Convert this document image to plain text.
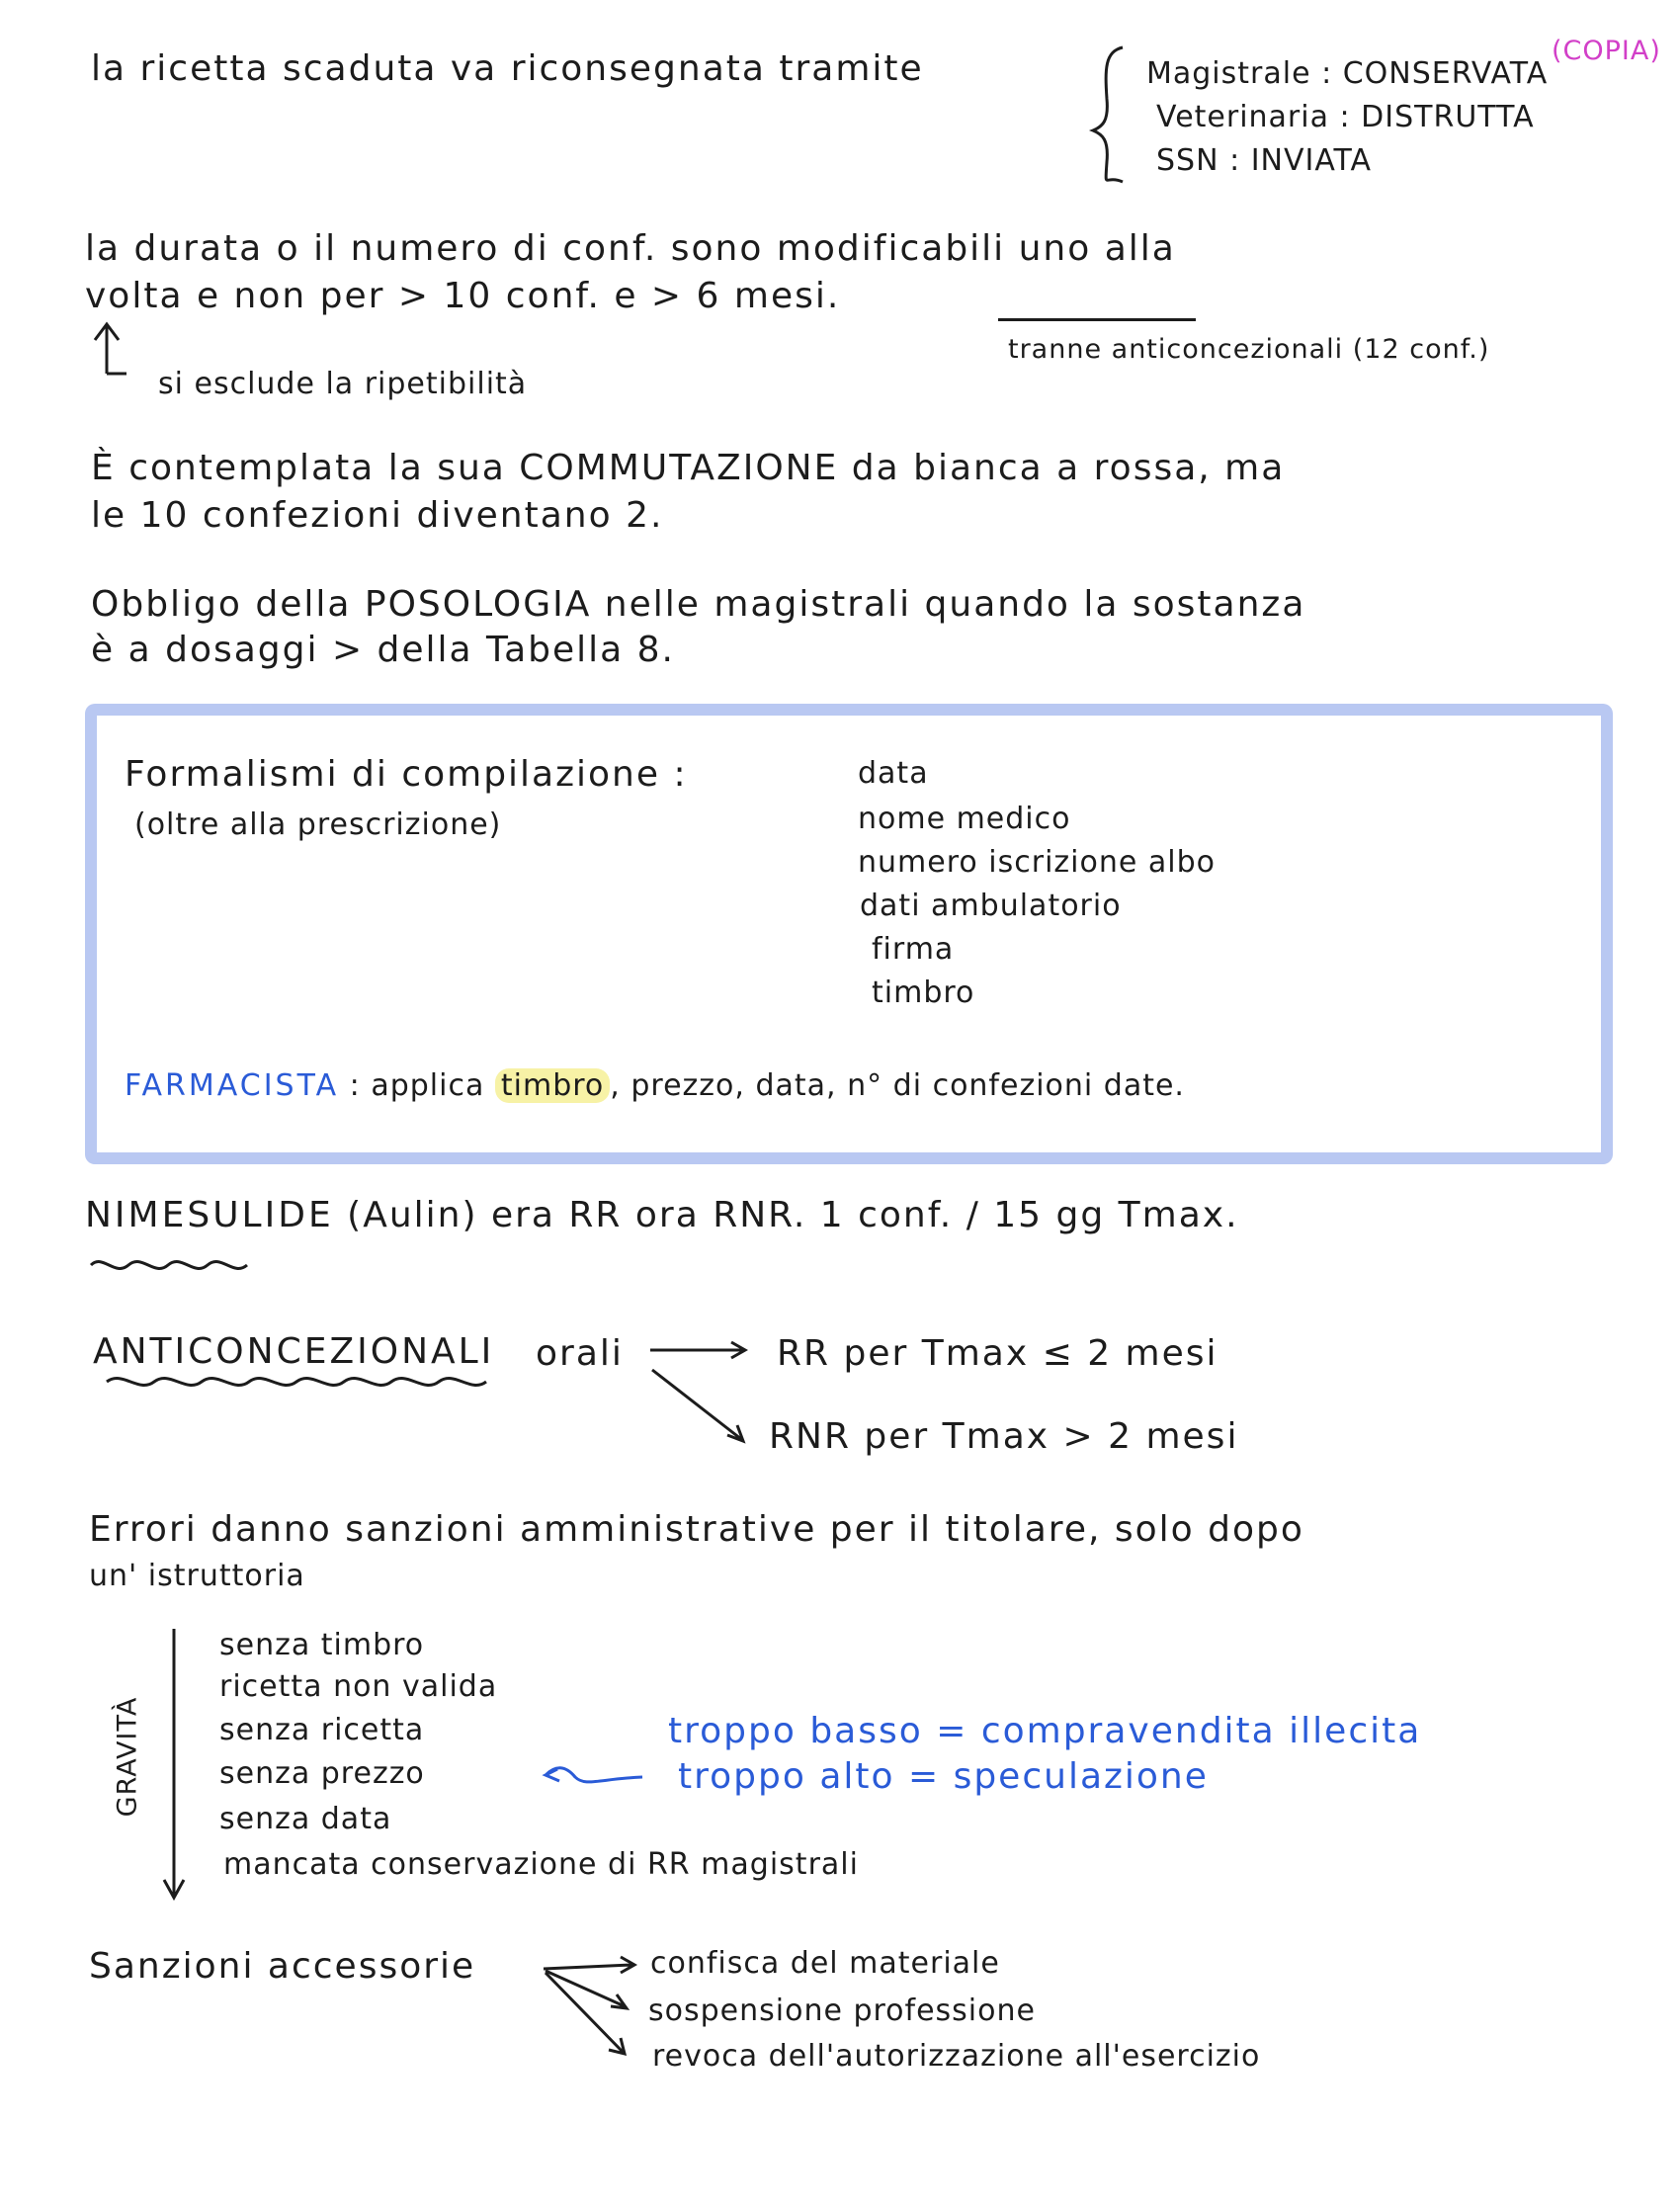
la ricetta scaduta va riconsegnata tramite	Magistrale : CONSERVATA
(COPIA)
Veterinaria : DISTRUTTA
SSN : INVIATA
la durata o il numero di conf. sono modificabili uno alla
volta e non per > 10 conf. e > 6 mesi.
tranne anticoncezionali (12 conf.)
si esclude la ripetibilità
È contemplata la sua COMMUTAZIONE da bianca a rossa, ma
le 10 confezioni diventano 2.
Obbligo della POSOLOGIA nelle magistrali quando la sostanza
è a dosaggi > della Tabella 8.
Formalismi di compilazione :
(oltre alla prescrizione)
data
nome medico
numero iscrizione albo
dati ambulatorio
firma
timbro
FARMACISTA : applica timbro , prezzo, data, n° di confezioni date.
NIMESULIDE (Aulin) era RR ora RNR. 1 conf. / 15 gg Tmax.
ANTICONCEZIONALI orali	RR per Tmax ≤ 2 mesi
RNR per Tmax > 2 mesi
Errori danno sanzioni amministrative per il titolare, solo dopo
un' istruttoria
GRAVITÀ
senza timbro
ricetta non valida
senza ricetta
senza prezzo
senza data
mancata conservazione di RR magistrali
troppo basso = compravendita illecita
troppo alto = speculazione
Sanzioni accessorie	confisca del materiale
sospensione professione
revoca dell'autorizzazione all'esercizio
